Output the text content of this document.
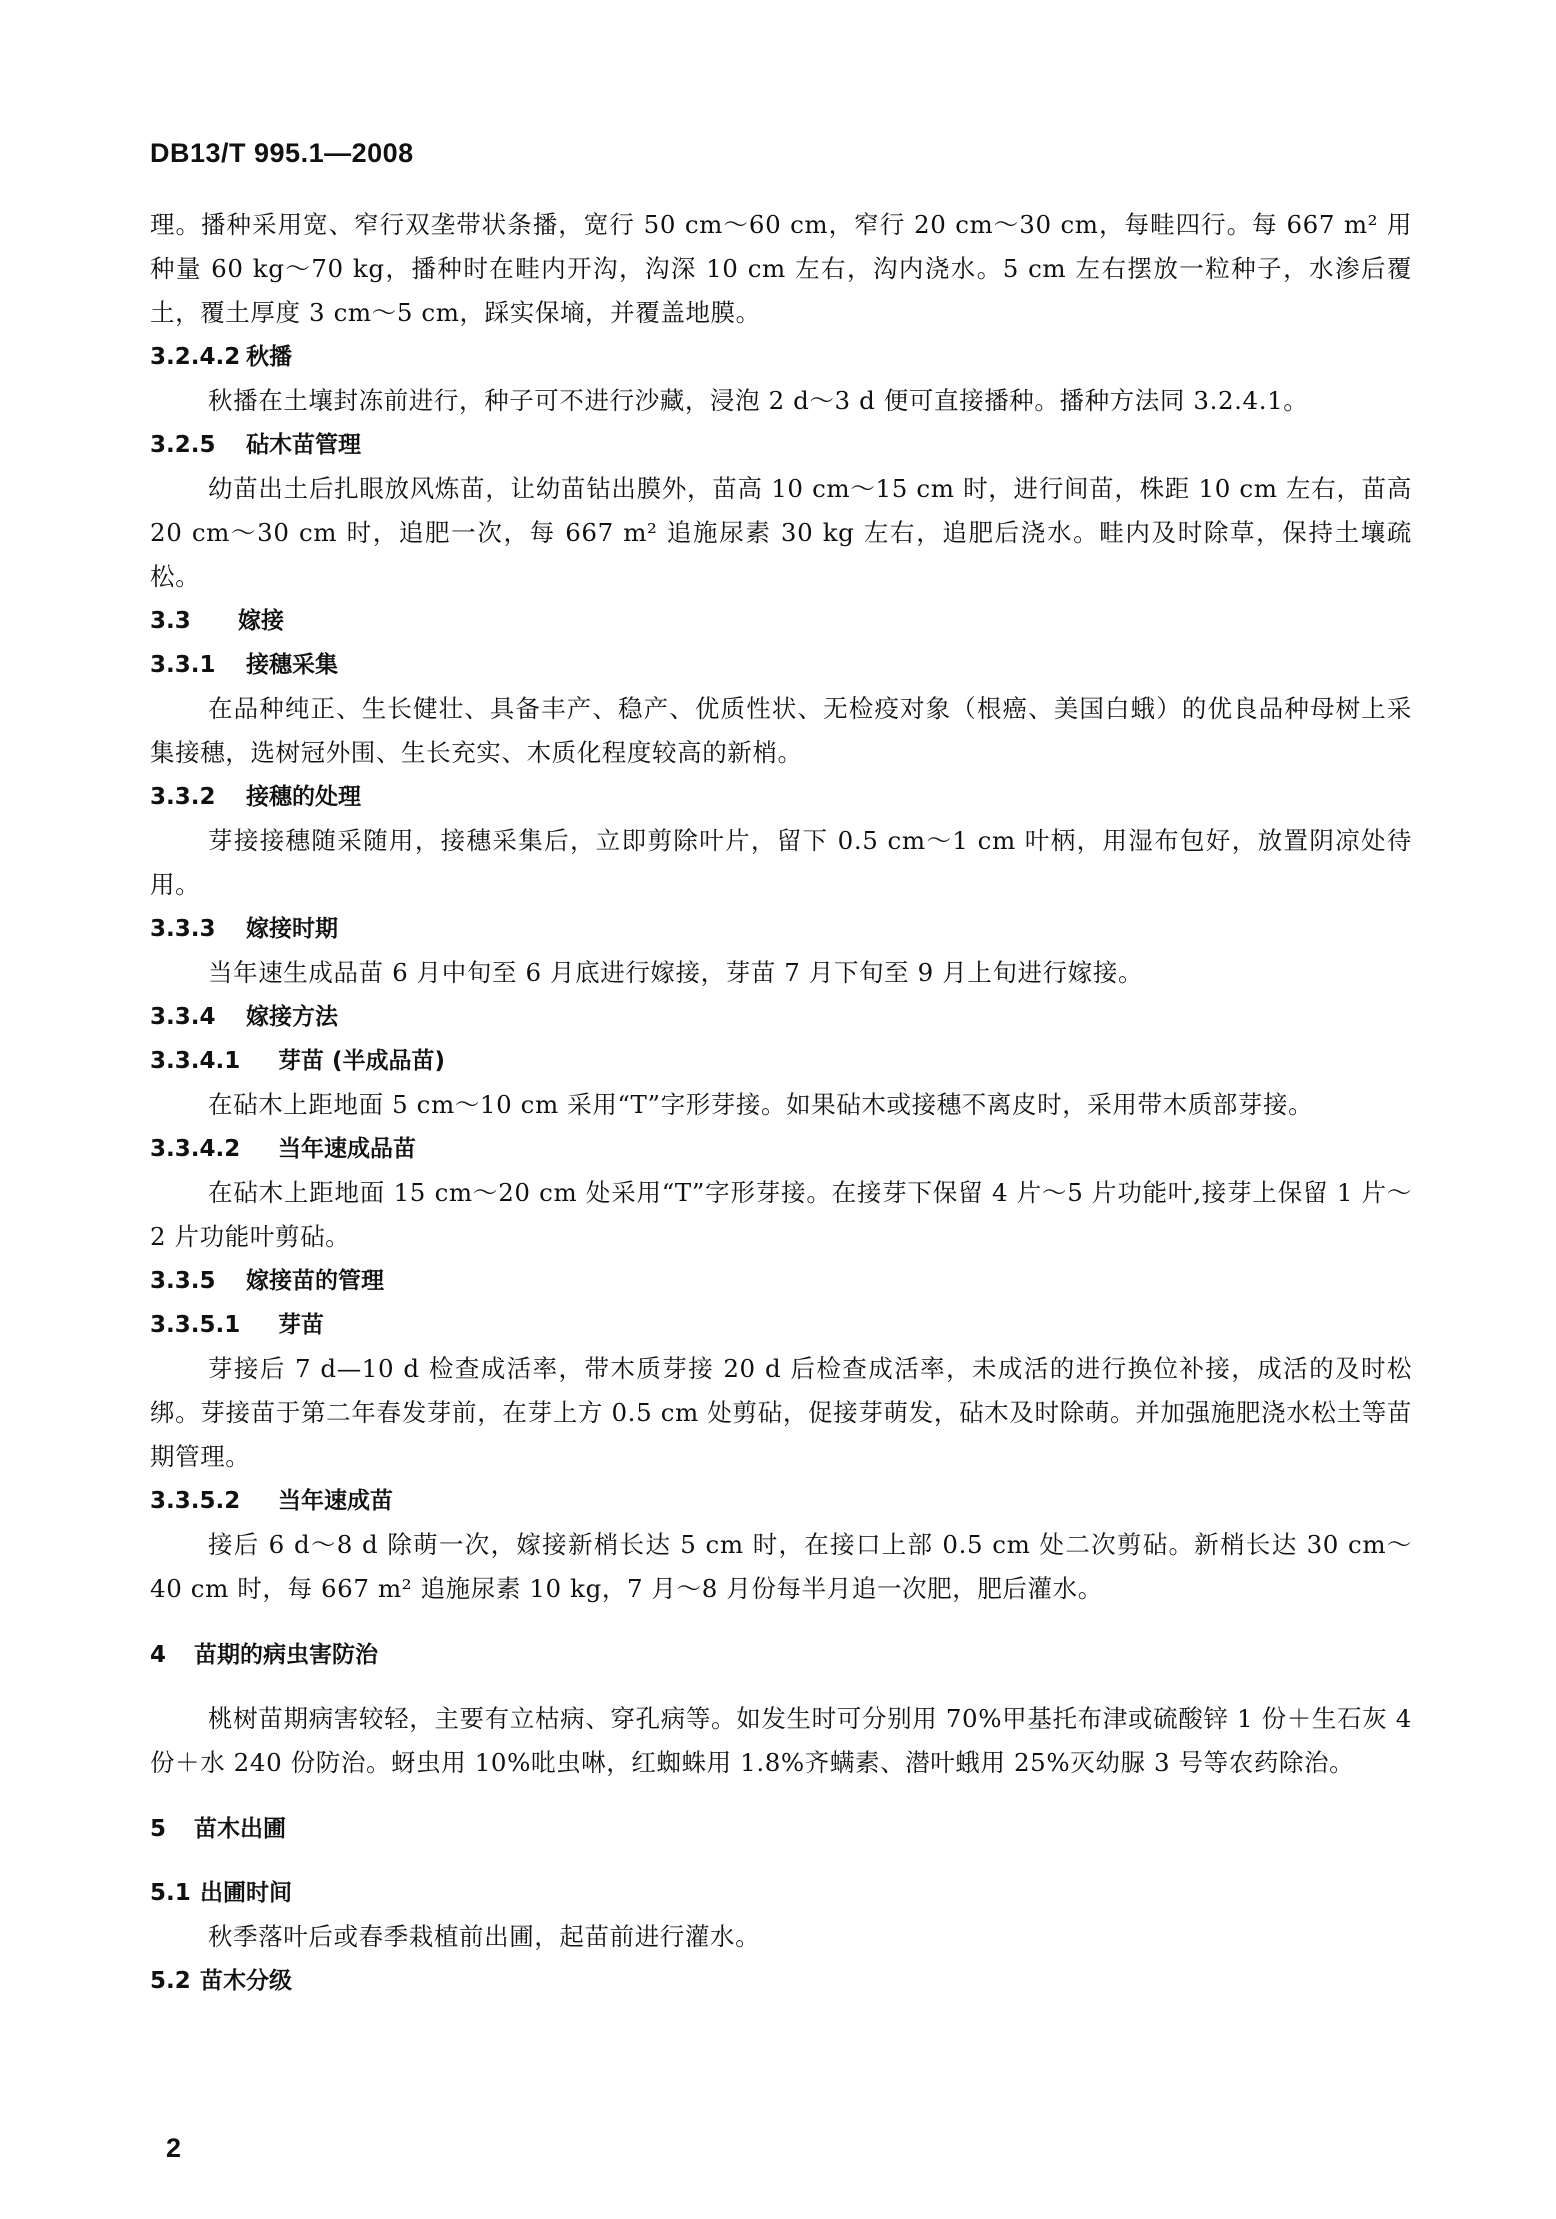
DB13/T 995.1—2008

理。播种采用宽、窄行双垄带状条播，宽行 50 cm～60 cm，窄行 20 cm～30 cm，每畦四行。每 667 m² 用种量 60 kg～70 kg，播种时在畦内开沟，沟深 10 cm 左右，沟内浇水。5 cm 左右摆放一粒种子，水渗后覆土，覆土厚度 3 cm～5 cm，踩实保墒，并覆盖地膜。

3.2.4.2 秋播

秋播在土壤封冻前进行，种子可不进行沙藏，浸泡 2 d～3 d 便可直接播种。播种方法同 3.2.4.1。

3.2.5	砧木苗管理

幼苗出土后扎眼放风炼苗，让幼苗钻出膜外，苗高 10 cm～15 cm 时，进行间苗，株距 10 cm 左右，苗高 20 cm～30 cm 时，追肥一次，每 667 m² 追施尿素 30 kg 左右，追肥后浇水。畦内及时除草，保持土壤疏松。

3.3	嫁接
3.3.1	接穗采集

在品种纯正、生长健壮、具备丰产、稳产、优质性状、无检疫对象（根癌、美国白蛾）的优良品种母树上采集接穗，选树冠外围、生长充实、木质化程度较高的新梢。

3.3.2	接穗的处理

芽接接穗随采随用，接穗采集后，立即剪除叶片，留下 0.5 cm～1 cm 叶柄，用湿布包好，放置阴凉处待用。

3.3.3	嫁接时期

当年速生成品苗 6 月中旬至 6 月底进行嫁接，芽苗 7 月下旬至 9 月上旬进行嫁接。

3.3.4	嫁接方法
3.3.4.1	芽苗 (半成品苗)

在砧木上距地面 5 cm～10 cm 采用“T”字形芽接。如果砧木或接穗不离皮时，采用带木质部芽接。

3.3.4.2	当年速成品苗

在砧木上距地面 15 cm～20 cm 处采用“T”字形芽接。在接芽下保留 4 片～5 片功能叶,接芽上保留 1 片～2 片功能叶剪砧。

3.3.5	嫁接苗的管理
3.3.5.1	芽苗

芽接后 7 d—10 d 检查成活率，带木质芽接 20 d 后检查成活率，未成活的进行换位补接，成活的及时松绑。芽接苗于第二年春发芽前，在芽上方 0.5 cm 处剪砧，促接芽萌发，砧木及时除萌。并加强施肥浇水松土等苗期管理。

3.3.5.2	当年速成苗

接后 6 d～8 d 除萌一次，嫁接新梢长达 5 cm 时，在接口上部 0.5 cm 处二次剪砧。新梢长达 30 cm～40 cm 时，每 667 m² 追施尿素 10 kg，7 月～8 月份每半月追一次肥，肥后灌水。

4	苗期的病虫害防治

桃树苗期病害较轻，主要有立枯病、穿孔病等。如发生时可分别用 70%甲基托布津或硫酸锌 1 份＋生石灰 4 份＋水 240 份防治。蚜虫用 10%吡虫啉，红蜘蛛用 1.8%齐螨素、潜叶蛾用 25%灭幼脲 3 号等农药除治。

5	苗木出圃
5.1 出圃时间

秋季落叶后或春季栽植前出圃，起苗前进行灌水。

5.2 苗木分级
2
